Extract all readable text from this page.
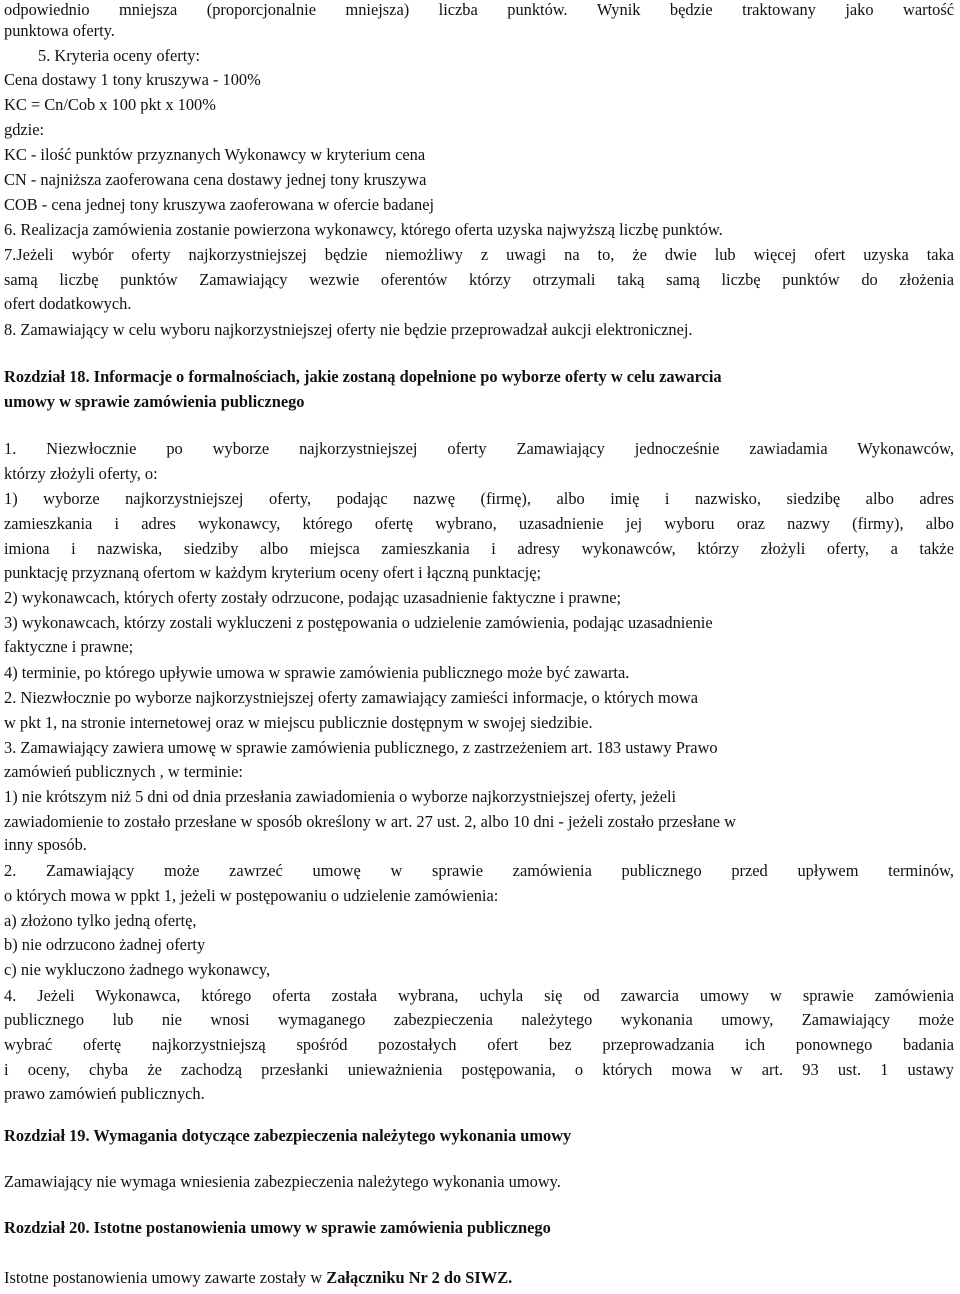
odpowiednio mniejsza (proporcjonalnie mniejsza) liczba punktów. Wynik będzie traktowany jako wartość
punktowa oferty.
5. Kryteria oceny oferty:
Cena dostawy 1 tony kruszywa - 100%
KC = Cn/Cob x 100 pkt x 100%
gdzie:
KC - ilość punktów przyznanych Wykonawcy w kryterium cena
CN - najniższa zaoferowana cena dostawy jednej tony kruszywa
COB - cena jednej tony kruszywa zaoferowana w ofercie badanej
6. Realizacja zamówienia zostanie powierzona wykonawcy, którego oferta uzyska najwyższą liczbę punktów.
7.Jeżeli wybór oferty najkorzystniejszej będzie niemożliwy z uwagi na to, że dwie lub więcej ofert uzyska taka
samą liczbę punktów Zamawiający wezwie oferentów którzy otrzymali taką samą liczbę punktów do złożenia
ofert dodatkowych.
8. Zamawiający w celu wyboru najkorzystniejszej oferty nie będzie przeprowadzał aukcji elektronicznej.
Rozdział 18. Informacje o formalnościach, jakie zostaną dopełnione po wyborze oferty w celu zawarcia
umowy w sprawie zamówienia publicznego
1. Niezwłocznie po wyborze najkorzystniejszej oferty Zamawiający jednocześnie zawiadamia Wykonawców,
którzy złożyli oferty, o:
1) wyborze najkorzystniejszej oferty, podając nazwę (firmę), albo imię i nazwisko, siedzibę albo adres
zamieszkania i adres wykonawcy, którego ofertę wybrano, uzasadnienie jej wyboru oraz nazwy (firmy), albo
imiona i nazwiska, siedziby albo miejsca zamieszkania i adresy wykonawców, którzy złożyli oferty, a także
punktację przyznaną ofertom w każdym kryterium oceny ofert i łączną punktację;
2) wykonawcach, których oferty zostały odrzucone, podając uzasadnienie faktyczne i prawne;
3) wykonawcach, którzy zostali wykluczeni z postępowania o udzielenie zamówienia, podając uzasadnienie
faktyczne i prawne;
4) terminie, po którego upływie umowa w sprawie zamówienia publicznego może być zawarta.
2. Niezwłocznie po wyborze najkorzystniejszej oferty zamawiający zamieści informacje, o których mowa
w pkt 1, na stronie internetowej oraz w miejscu publicznie dostępnym w swojej siedzibie.
3. Zamawiający zawiera umowę w sprawie zamówienia publicznego, z zastrzeżeniem art. 183 ustawy Prawo
zamówień publicznych , w terminie:
1) nie krótszym niż 5 dni od dnia przesłania zawiadomienia o wyborze najkorzystniejszej oferty, jeżeli
zawiadomienie to zostało przesłane w sposób określony w art. 27 ust. 2, albo 10 dni - jeżeli zostało przesłane w
inny sposób.
2. Zamawiający może zawrzeć umowę w sprawie zamówienia publicznego przed upływem terminów,
o których mowa w ppkt 1, jeżeli w postępowaniu o udzielenie zamówienia:
a) złożono tylko jedną ofertę,
b) nie odrzucono żadnej oferty
c) nie wykluczono żadnego wykonawcy,
4. Jeżeli Wykonawca, którego oferta została wybrana, uchyla się od zawarcia umowy w sprawie zamówienia
publicznego lub nie wnosi wymaganego zabezpieczenia należytego wykonania umowy, Zamawiający może
wybrać ofertę najkorzystniejszą spośród pozostałych ofert bez przeprowadzania ich ponownego badania
i oceny, chyba że zachodzą przesłanki unieważnienia postępowania, o których mowa w art. 93 ust. 1 ustawy
prawo zamówień publicznych.
Rozdział 19. Wymagania dotyczące zabezpieczenia należytego wykonania umowy
Zamawiający nie wymaga wniesienia zabezpieczenia należytego wykonania umowy.
Rozdział 20. Istotne postanowienia umowy w sprawie zamówienia publicznego
Istotne postanowienia umowy zawarte zostały w Załączniku Nr 2 do SIWZ.
